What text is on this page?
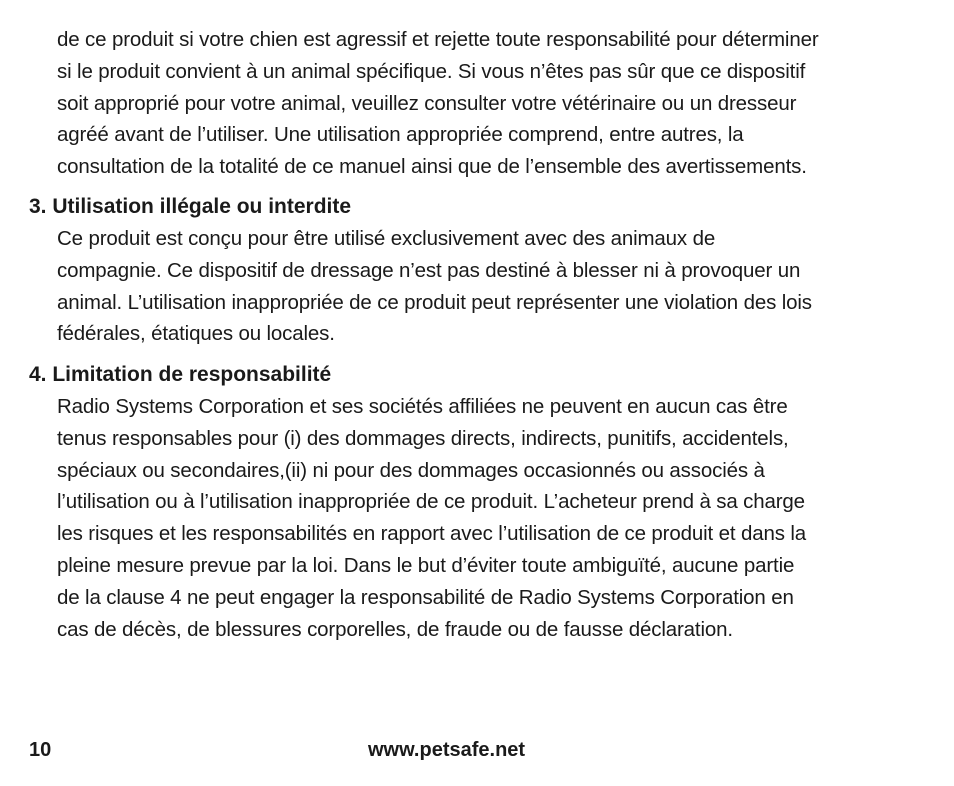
de ce produit si votre chien est agressif et rejette toute responsabilité pour déterminer
si le produit convient à un animal spécifique. Si vous n’êtes pas sûr que ce dispositif
soit approprié pour votre animal, veuillez consulter votre vétérinaire ou un dresseur
agréé avant de l’utiliser. Une utilisation appropriée comprend, entre autres, la
consultation de la totalité de ce manuel ainsi que de l’ensemble des avertissements.
3. Utilisation illégale ou interdite
Ce produit est conçu pour être utilisé exclusivement avec des animaux de
compagnie. Ce dispositif de dressage n’est pas destiné à blesser ni à provoquer un
animal. L’utilisation inappropriée de ce produit peut représenter une violation des lois
fédérales, étatiques ou locales.
4. Limitation de responsabilité
Radio Systems Corporation et ses sociétés affiliées ne peuvent en aucun cas être
tenus responsables pour (i) des dommages directs, indirects, punitifs, accidentels,
spéciaux ou secondaires,(ii) ni pour des dommages occasionnés ou associés à
l’utilisation ou à l’utilisation inappropriée de ce produit. L’acheteur prend à sa charge
les risques et les responsabilités en rapport avec l’utilisation de ce produit et dans la
pleine mesure prevue par la loi. Dans le but d’éviter toute ambiguïté, aucune partie
de la clause 4 ne peut engager la responsabilité de Radio Systems Corporation en
cas de décès, de blessures corporelles, de fraude ou de fausse déclaration.
10	www.petsafe.net
